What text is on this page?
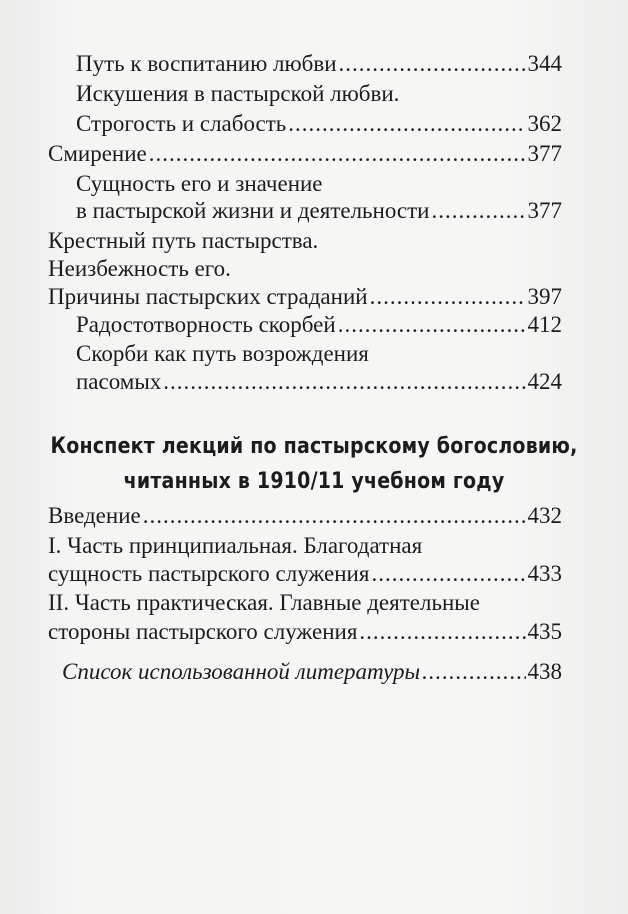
Путь к воспитанию любви .....	344
Искушения в пастырской любви.
Строгость и слабость .....	362
Смирение .....	377
Сущность его и значение
в пастырской жизни и деятельности .....	377
Крестный путь пастырства.
Неизбежность его.
Причины пастырских страданий .....	397
Радостотворность скорбей .....	412
Скорби как путь возрождения
пасомых .....	424
Конспект лекций по пастырскому богословию,
читанных в 1910/11 учебном году
Введение .....	432
I. Часть принципиальная. Благодатная
сущность пастырского служения .....	433
II. Часть практическая. Главные деятельные
стороны пастырского служения .....	435
Список использованной литературы .....	438
